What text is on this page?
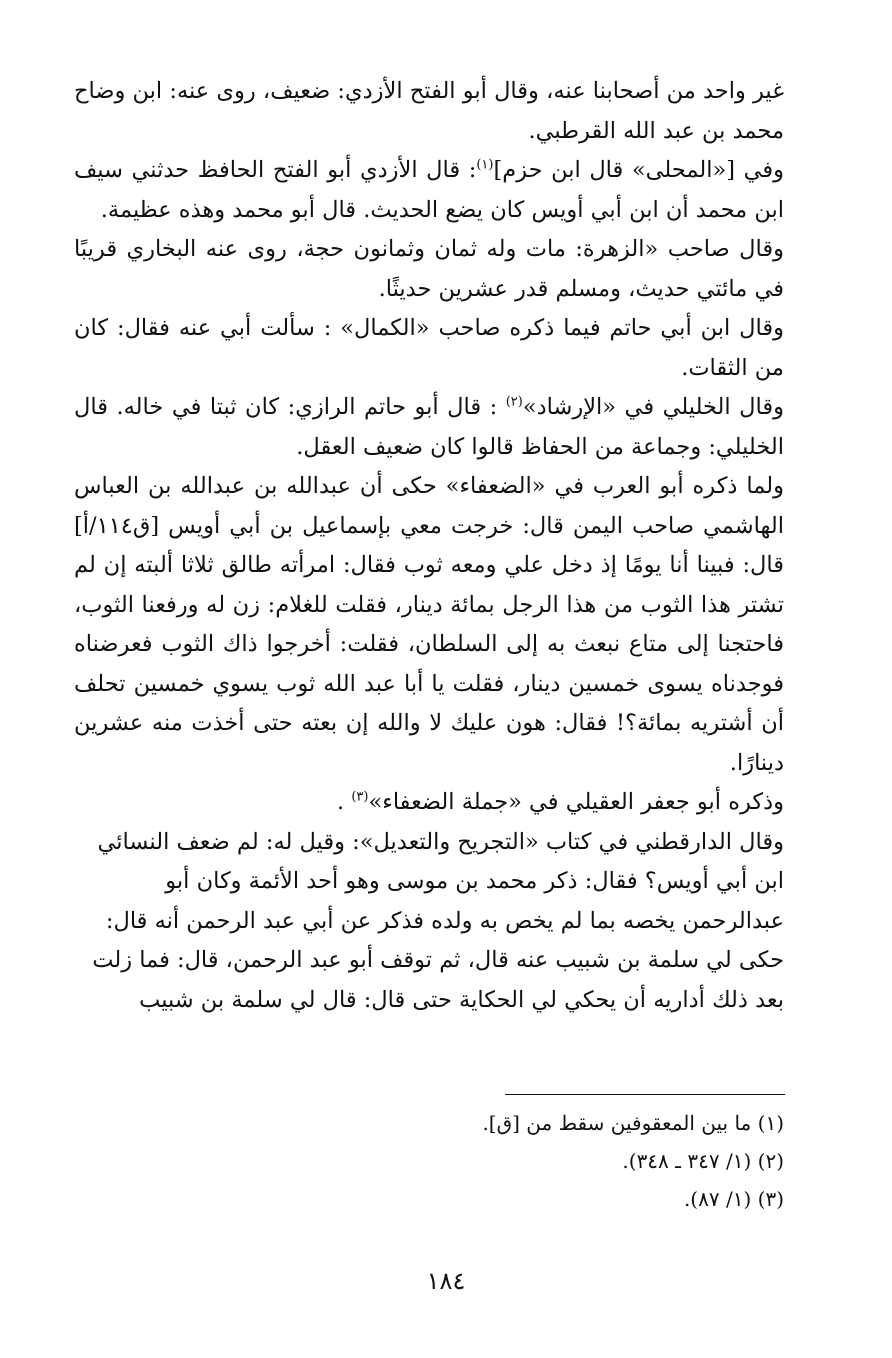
غير واحد من أصحابنا عنه، وقال أبو الفتح الأزدي: ضعيف، روى عنه: ابن وضاح محمد بن عبد الله القرطبي.

وفي [«المحلى» قال ابن حزم]$^{(١)}$: قال الأزدي أبو الفتح الحافظ حدثني سيف ابن محمد أن ابن أبي أويس كان يضع الحديث. قال أبو محمد وهذه عظيمة.

وقال صاحب «الزهرة: مات وله ثمان وثمانون حجة، روى عنه البخاري قريبًا في مائتي حديث، ومسلم قدر عشرين حديثًا.

وقال ابن أبي حاتم فيما ذكره صاحب «الكمال» : سألت أبي عنه فقال: كان من الثقات.

وقال الخليلي في «الإرشاد»$^{(٢)}$ : قال أبو حاتم الرازي: كان ثبتا في خاله. قال الخليلي: وجماعة من الحفاظ قالوا كان ضعيف العقل.

ولما ذكره أبو العرب في «الضعفاء» حكى أن عبدالله بن عبدالله بن العباس الهاشمي صاحب اليمن قال: خرجت معي بإسماعيل بن أبي أويس [ق١١٤/أ] قال: فبينا أنا يومًا إذ دخل علي ومعه ثوب فقال: امرأته طالق ثلاثا ألبته إن لم تشتر هذا الثوب من هذا الرجل بمائة دينار، فقلت للغلام: زن له ورفعنا الثوب، فاحتجنا إلى متاع نبعث به إلى السلطان، فقلت: أخرجوا ذاك الثوب فعرضناه فوجدناه يسوى خمسين دينار، فقلت يا أبا عبد الله ثوب يسوي خمسين تحلف أن أشتريه بمائة؟! فقال: هون عليك لا والله إن بعته حتى أخذت منه عشرين دينارًا.

وذكره أبو جعفر العقيلي في «جملة الضعفاء»$^{(٣)}$ .

وقال الدارقطني في كتاب «التجريح والتعديل»: وقيل له: لم ضعف النسائي ابن أبي أويس؟ فقال: ذكر محمد بن موسى وهو أحد الأئمة وكان أبو عبدالرحمن يخصه بما لم يخص به ولده فذكر عن أبي عبد الرحمن أنه قال: حكى لي سلمة بن شبيب عنه قال، ثم توقف أبو عبد الرحمن، قال: فما زلت بعد ذلك أداريه أن يحكي لي الحكاية حتى قال: قال لي سلمة بن شبيب

(١) ما بين المعقوفين سقط من [ق].

(٢) (١/ ٣٤٧ ـ ٣٤٨).

(٣) (١/ ٨٧).

١٨٤
